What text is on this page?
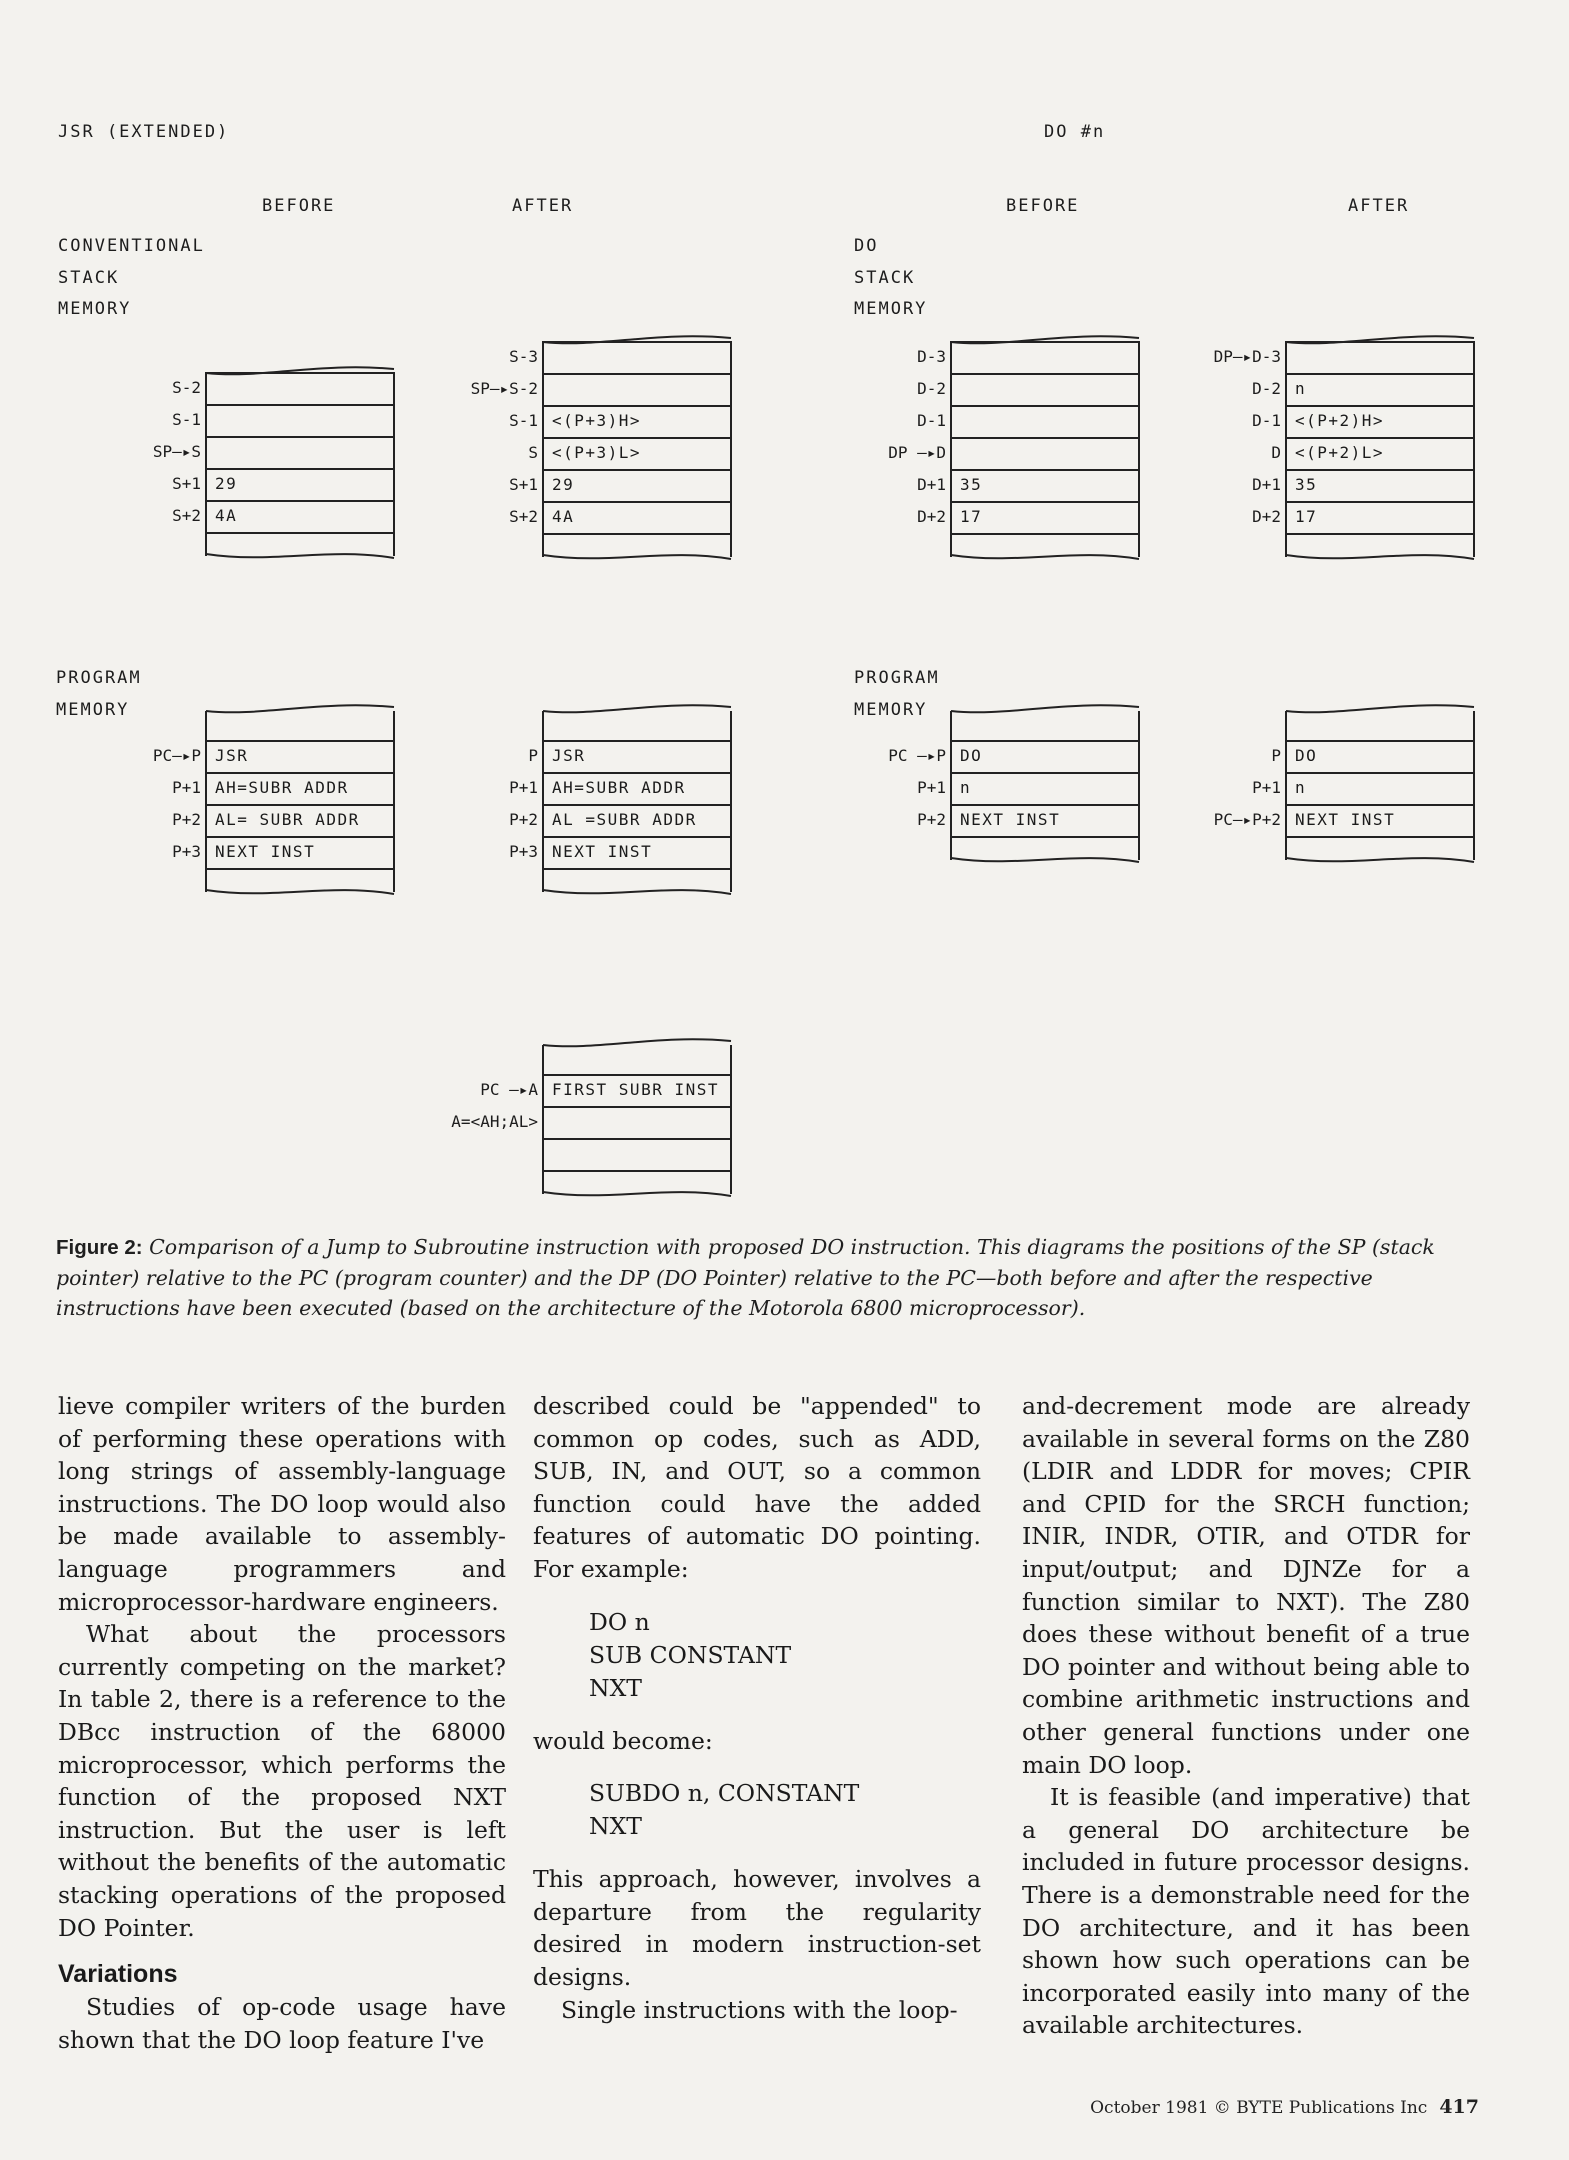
JSR (EXTENDED)
BEFORE	AFTER
CONVENTIONAL
STACK
MEMORY
PROGRAM
MEMORY
DO #n
BEFORE	AFTER
DO
STACK
MEMORY
PROGRAM
MEMORY
S-2
S-1
SP—▸S
29
S+1
4A
S+2
S-3
SP—▸S-2
<(P+3)H>
S-1
<(P+3)L>
S
29
S+1
4A
S+2
JSR
PC—▸P
AH=SUBR ADDR
P+1
AL= SUBR ADDR
P+2
NEXT INST
P+3
JSR
P
AH=SUBR ADDR
P+1
AL =SUBR ADDR
P+2
NEXT INST
P+3
FIRST SUBR INST
PC —▸A
A=<AH;AL>
D-3
D-2
D-1
DP —▸D
35
D+1
17
D+2
DP—▸D-3
n
D-2
<(P+2)H>
D-1
<(P+2)L>
D
35
D+1
17
D+2
DO
PC —▸P
n
P+1
NEXT INST
P+2
DO
P
n
P+1
NEXT INST
PC—▸P+2
Figure 2: Comparison of a Jump to Subroutine instruction with proposed DO instruction. This diagrams the positions of the SP (stack pointer) relative to the PC (program counter) and the DP (DO Pointer) relative to the PC—both before and after the respective instructions have been executed (based on the architecture of the Motorola 6800 microprocessor).

lieve compiler writers of the burden of performing these operations with long strings of assembly-language instructions. The DO loop would also be made available to assembly-language programmers and microprocessor-hardware engineers.

What about the processors currently competing on the market? In table 2, there is a reference to the DBcc instruction of the 68000 microprocessor, which performs the function of the proposed NXT instruction. But the user is left without the benefits of the automatic stacking operations of the proposed DO Pointer.

Variations

Studies of op-code usage have shown that the DO loop feature I've

described could be "appended" to common op codes, such as ADD, SUB, IN, and OUT, so a common function could have the added features of automatic DO pointing. For example:

DO n
SUB CONSTANT
NXT

would become:

SUBDO n, CONSTANT
NXT

This approach, however, involves a departure from the regularity desired in modern instruction-set designs.

Single instructions with the loop-

and-decrement mode are already available in several forms on the Z80 (LDIR and LDDR for moves; CPIR and CPID for the SRCH function; INIR, INDR, OTIR, and OTDR for input/output; and DJNZe for a function similar to NXT). The Z80 does these without benefit of a true DO pointer and without being able to combine arithmetic instructions and other general functions under one main DO loop.

It is feasible (and imperative) that a general DO architecture be included in future processor designs. There is a demonstrable need for the DO architecture, and it has been shown how such operations can be incorporated easily into many of the available architectures.

October 1981 © BYTE Publications Inc 417
